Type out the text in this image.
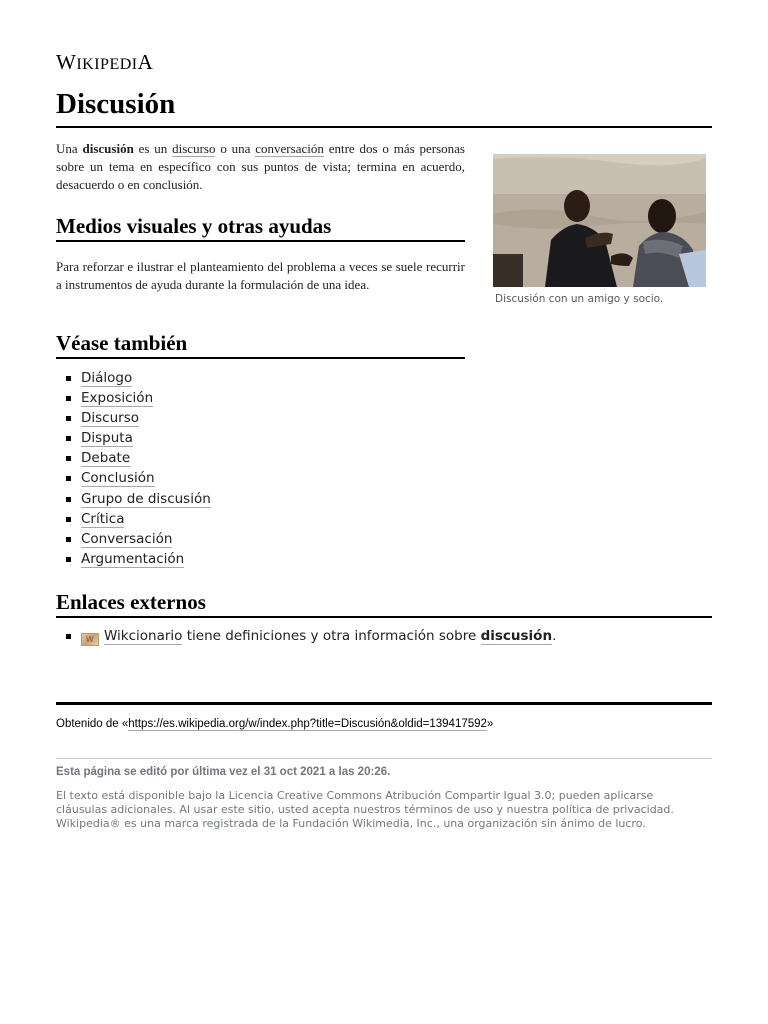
WIKIPEDIA
Discusión
Una discusión es un discurso o una conversación entre dos o más personas sobre un tema en específico con sus puntos de vista; termina en acuerdo, desacuerdo o en conclusión.
Discusión con un amigo y socio.
Medios visuales y otras ayudas
Para reforzar e ilustrar el planteamiento del problema a veces se suele recurrir a instrumentos de ayuda durante la formulación de una idea.
Véase también
Diálogo
Exposición
Discurso
Disputa
Debate
Conclusión
Grupo de discusión
Crítica
Conversación
Argumentación
Enlaces externos
Ꮃ Wikcionario tiene definiciones y otra información sobre discusión.
Obtenido de «https://es.wikipedia.org/w/index.php?title=Discusión&oldid=139417592»
Esta página se editó por última vez el 31 oct 2021 a las 20:26.
El texto está disponible bajo la Licencia Creative Commons Atribución Compartir Igual 3.0; pueden aplicarse
cláusulas adicionales. Al usar este sitio, usted acepta nuestros términos de uso y nuestra política de privacidad.
Wikipedia® es una marca registrada de la Fundación Wikimedia, Inc., una organización sin ánimo de lucro.
